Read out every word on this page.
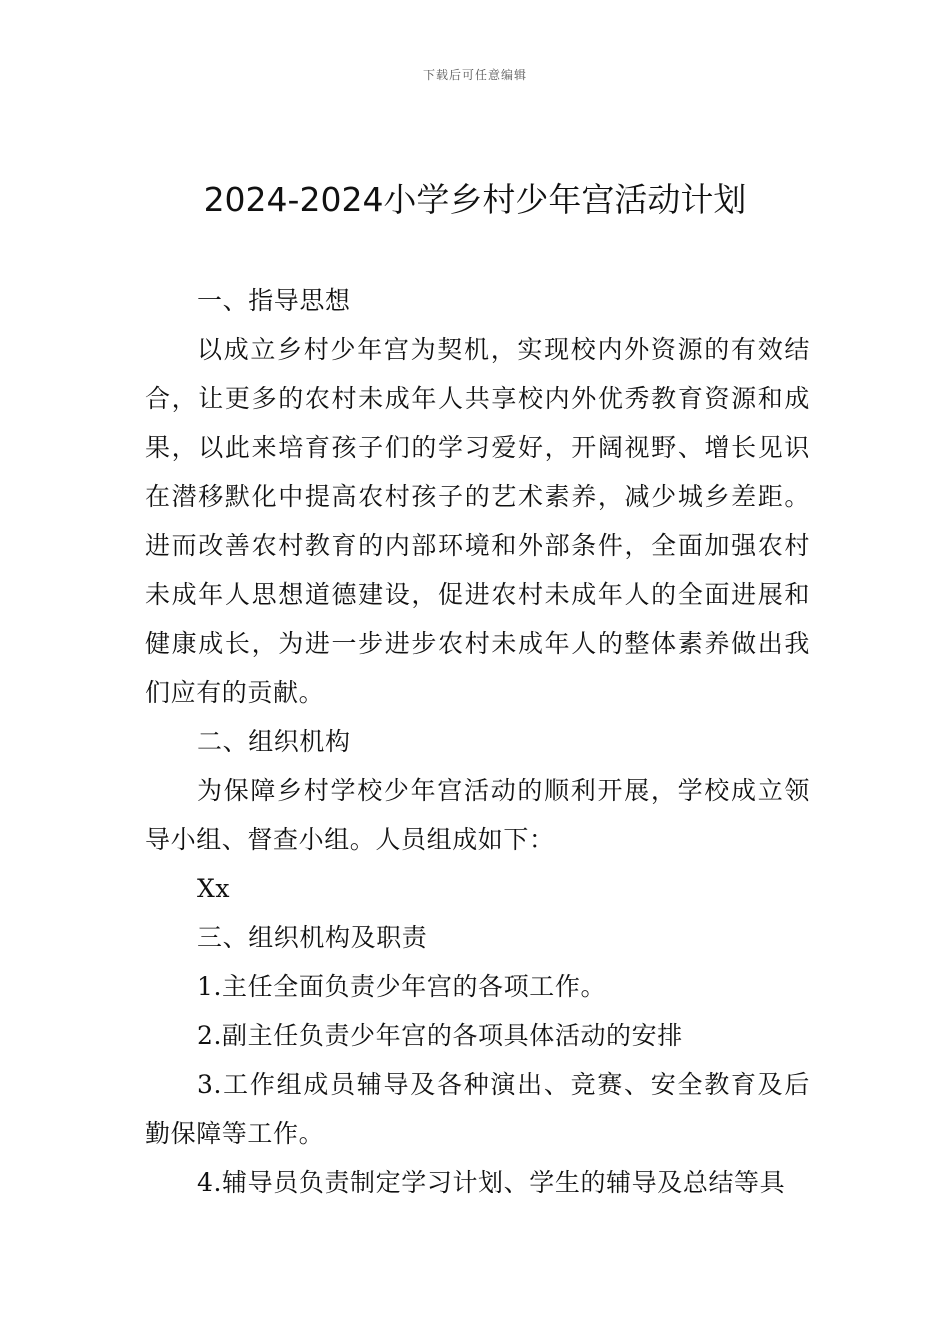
下载后可任意编辑
2024-2024小学乡村少年宫活动计划

一、指导思想

以成立乡村少年宫为契机，实现校内外资源的有效结合，让更多的农村未成年人共享校内外优秀教育资源和成果，以此来培育孩子们的学习爱好，开阔视野、增长见识在潜移默化中提高农村孩子的艺术素养，减少城乡差距。进而改善农村教育的内部环境和外部条件，全面加强农村未成年人思想道德建设，促进农村未成年人的全面进展和健康成长，为进一步进步农村未成年人的整体素养做出我们应有的贡献。

二、组织机构

为保障乡村学校少年宫活动的顺利开展，学校成立领导小组、督查小组。人员组成如下：

Xx

三、组织机构及职责

1.主任全面负责少年宫的各项工作。

2.副主任负责少年宫的各项具体活动的安排

3.工作组成员辅导及各种演出、竞赛、安全教育及后勤保障等工作。

4.辅导员负责制定学习计划、学生的辅导及总结等具
